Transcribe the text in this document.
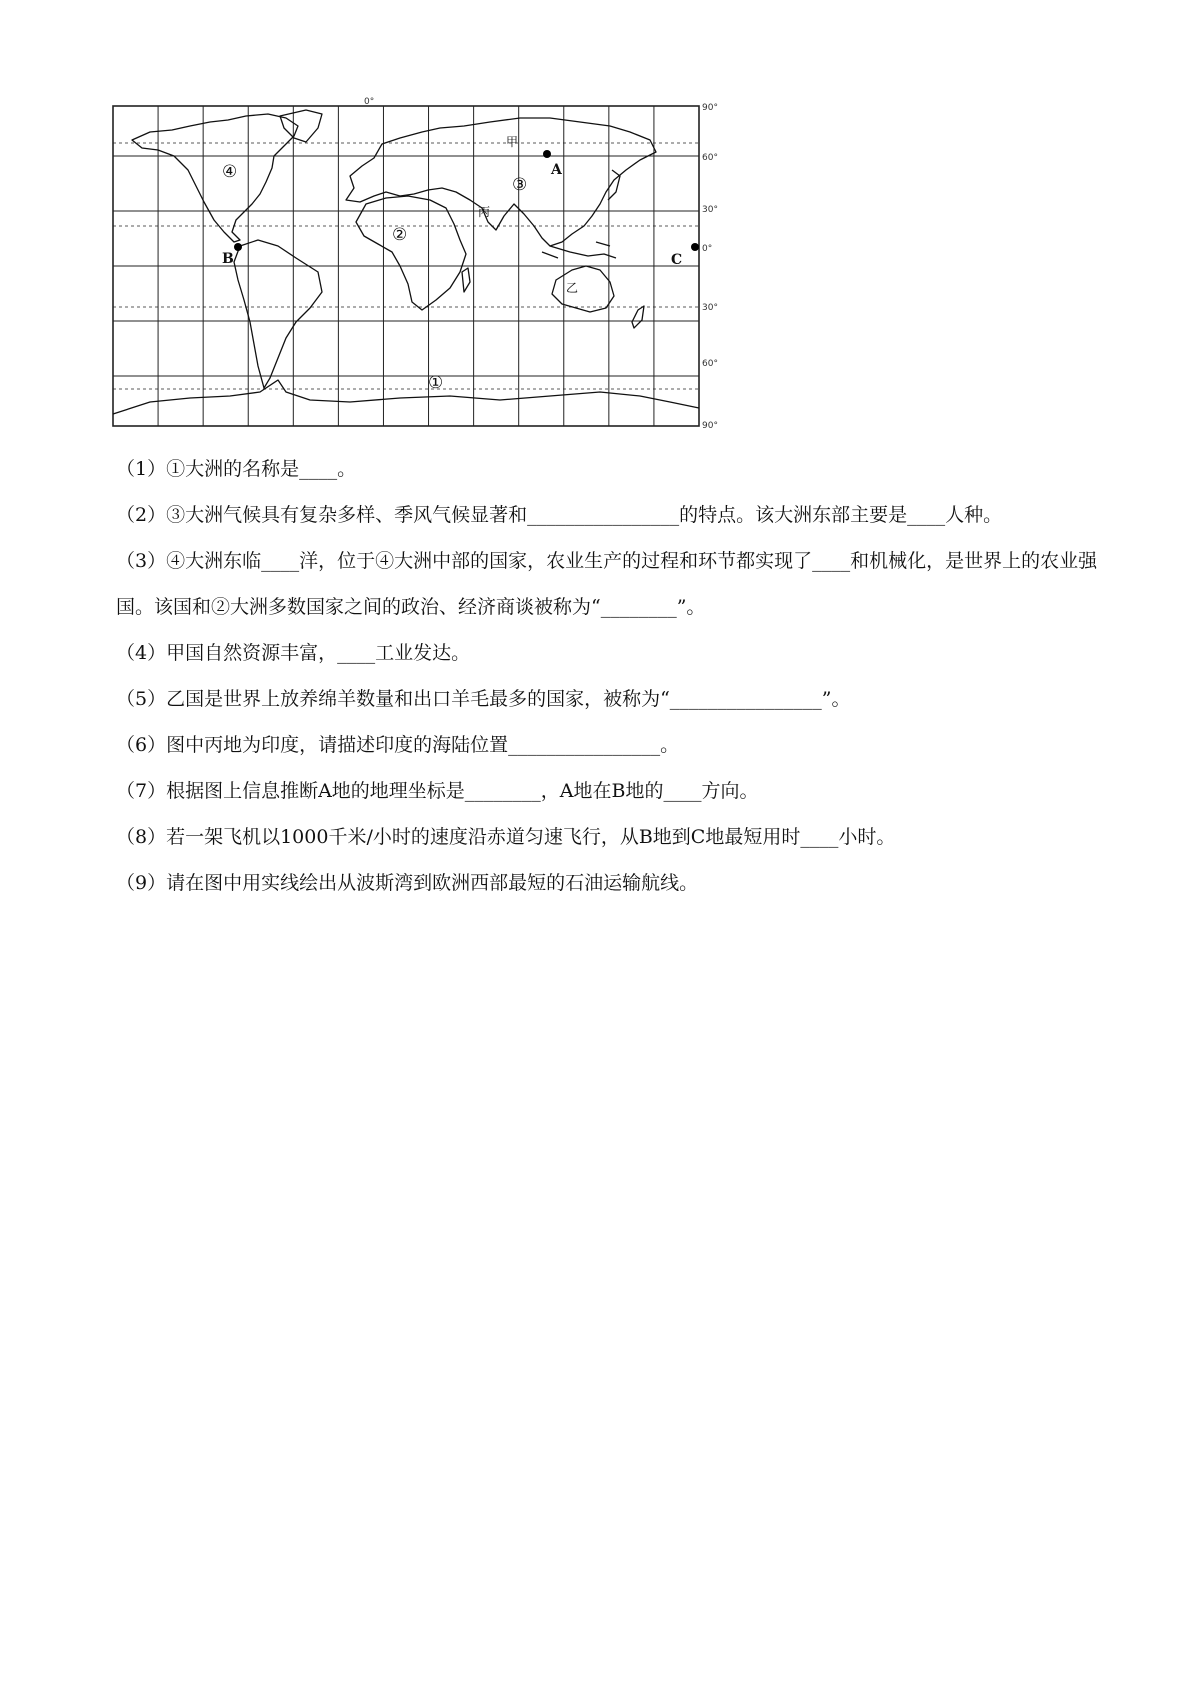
①
②
③
④
甲
乙
丙
A
B	C
0°
90°
60°
30°
0°
30°
60°
90°

（1）①大洲的名称是____。

（2）③大洲气候具有复杂多样、季风气候显著和________________的特点。该大洲东部主要是____人种。

（3）④大洲东临____洋，位于④大洲中部的国家，农业生产的过程和环节都实现了____和机械化，是世界上的农业强国。该国和②大洲多数国家之间的政治、经济商谈被称为“________”。

（4）甲国自然资源丰富，____工业发达。

（5）乙国是世界上放养绵羊数量和出口羊毛最多的国家，被称为“________________”。

（6）图中丙地为印度，请描述印度的海陆位置________________。

（7）根据图上信息推断A地的地理坐标是________，A地在B地的____方向。

（8）若一架飞机以1000千米/小时的速度沿赤道匀速飞行，从B地到C地最短用时____小时。

（9）请在图中用实线绘出从波斯湾到欧洲西部最短的石油运输航线。
